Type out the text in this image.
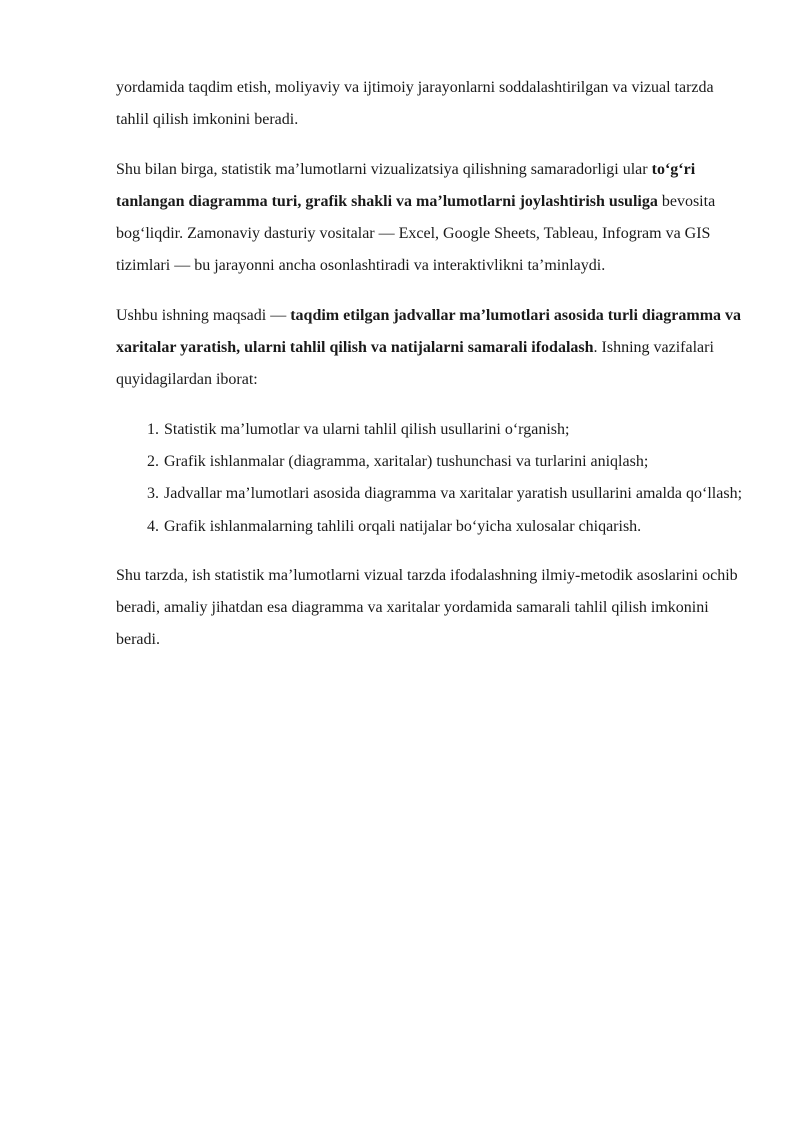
yordamida taqdim etish, moliyaviy va ijtimoiy jarayonlarni soddalashtirilgan va vizual tarzda tahlil qilish imkonini beradi.

Shu bilan birga, statistik maʼlumotlarni vizualizatsiya qilishning samaradorligi ular toʻgʻri tanlangan diagramma turi, grafik shakli va maʼlumotlarni joylashtirish usuliga bevosita bogʻliqdir. Zamonaviy dasturiy vositalar — Excel, Google Sheets, Tableau, Infogram va GIS tizimlari — bu jarayonni ancha osonlashtiradi va interaktivlikni taʼminlaydi.

Ushbu ishning maqsadi — taqdim etilgan jadvallar maʼlumotlari asosida turli diagramma va xaritalar yaratish, ularni tahlil qilish va natijalarni samarali ifodalash. Ishning vazifalari quyidagilardan iborat:

1. Statistik maʼlumotlar va ularni tahlil qilish usullarini oʻrganish;
2. Grafik ishlanmalar (diagramma, xaritalar) tushunchasi va turlarini aniqlash;
3. Jadvallar maʼlumotlari asosida diagramma va xaritalar yaratish usullarini amalda qoʻllash;
4. Grafik ishlanmalarning tahlili orqali natijalar boʻyicha xulosalar chiqarish.

Shu tarzda, ish statistik maʼlumotlarni vizual tarzda ifodalashning ilmiy-metodik asoslarini ochib beradi, amaliy jihatdan esa diagramma va xaritalar yordamida samarali tahlil qilish imkonini beradi.
